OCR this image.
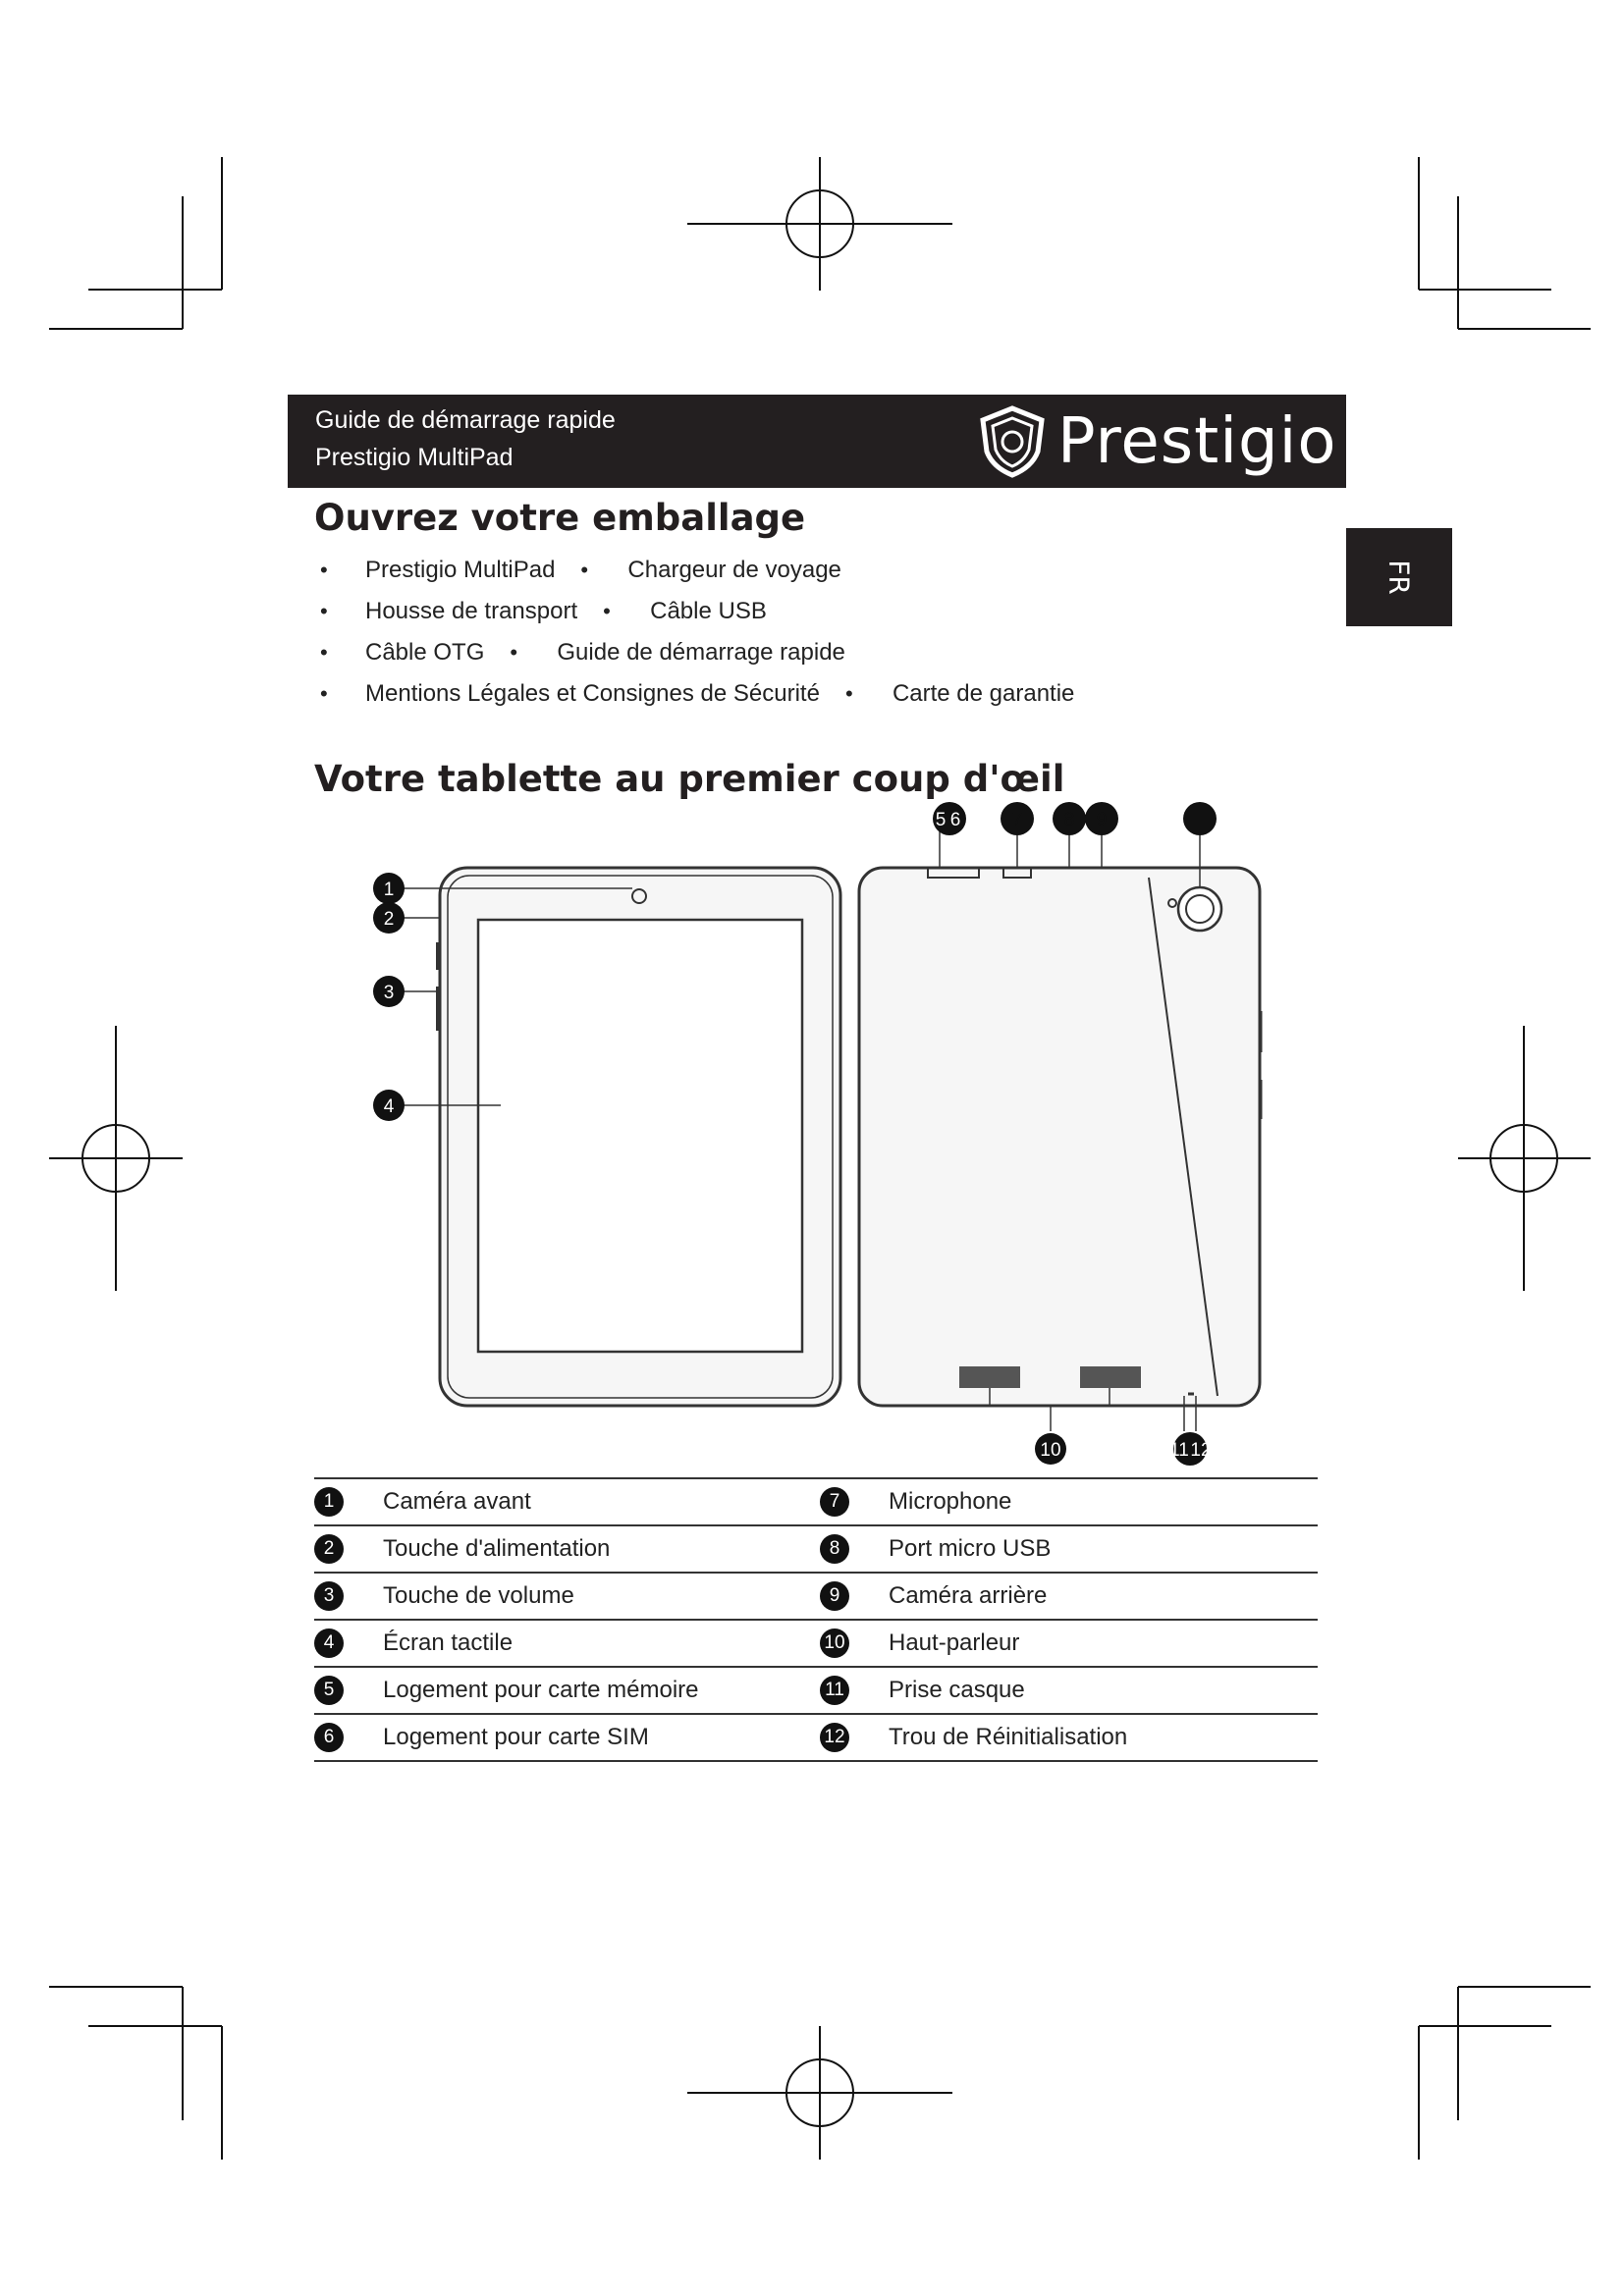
Guide de démarrage rapide
Prestigio MultiPad	Prestigio
FR
Ouvrez votre emballage
•	Prestigio MultiPad •	Chargeur de voyage
•	Housse de transport •	Câble USB
•	Câble OTG •	Guide de démarrage rapide
•	Mentions Légales et Consignes de Sécurité •	Carte de garantie
Votre tablette au premier coup d'œil
1
2
3
4
5 6	7 8 9
10	11 12
1	Caméra avant	7	Microphone
2	Touche d'alimentation	8	Port micro USB
3	Touche de volume	9	Caméra arrière
4	Écran tactile	10 Haut-parleur
5	Logement pour carte mémoire	11 Prise casque
6	Logement pour carte SIM	12 Trou de Réinitialisation
